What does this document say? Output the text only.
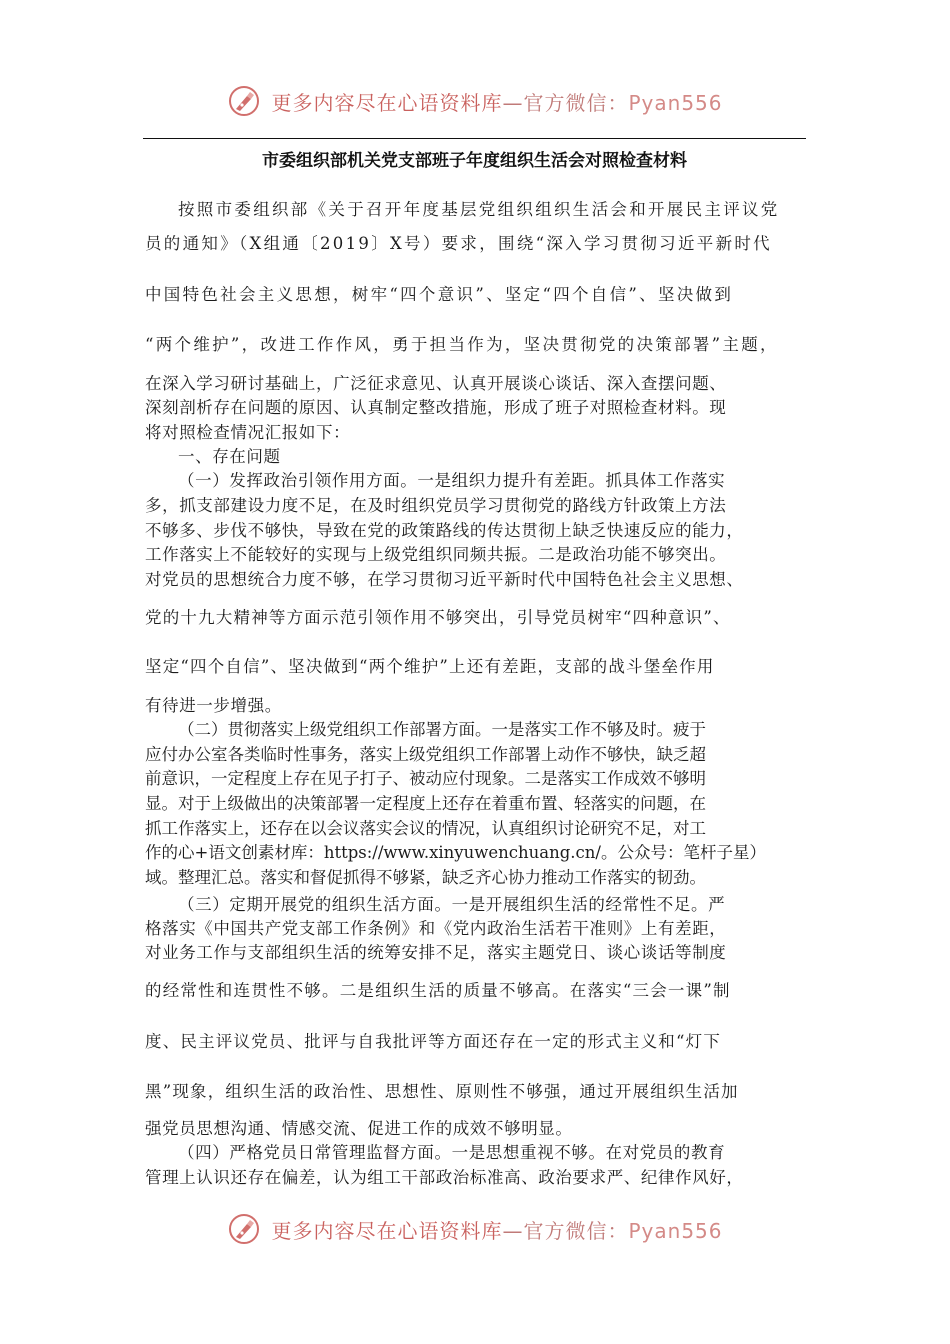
更多内容尽在心语资料库—官方微信：Pyan556
市委组织部机关党支部班子年度组织生活会对照检查材料
按照市委组织部《关于召开年度基层党组织组织生活会和开展民主评议党
员的通知》（X组通〔2019〕X号）要求，围绕“深入学习贯彻习近平新时代
中国特色社会主义思想，树牢“四个意识”、坚定“四个自信”、坚决做到
“两个维护”，改进工作作风，勇于担当作为，坚决贯彻党的决策部署”主题，
在深入学习研讨基础上，广泛征求意见、认真开展谈心谈话、深入查摆问题、
深刻剖析存在问题的原因、认真制定整改措施，形成了班子对照检查材料。现
将对照检查情况汇报如下：
一、存在问题
（一）发挥政治引领作用方面。一是组织力提升有差距。抓具体工作落实
多，抓支部建设力度不足，在及时组织党员学习贯彻党的路线方针政策上方法
不够多、步伐不够快，导致在党的政策路线的传达贯彻上缺乏快速反应的能力，
工作落实上不能较好的实现与上级党组织同频共振。二是政治功能不够突出。
对党员的思想统合力度不够，在学习贯彻习近平新时代中国特色社会主义思想、
党的十九大精神等方面示范引领作用不够突出，引导党员树牢“四种意识”、
坚定“四个自信”、坚决做到“两个维护”上还有差距，支部的战斗堡垒作用
有待进一步增强。
（二）贯彻落实上级党组织工作部署方面。一是落实工作不够及时。疲于
应付办公室各类临时性事务，落实上级党组织工作部署上动作不够快，缺乏超
前意识，一定程度上存在见子打子、被动应付现象。二是落实工作成效不够明
显。对于上级做出的决策部署一定程度上还存在着重布置、轻落实的问题，在
抓工作落实上，还存在以会议落实会议的情况，认真组织讨论研究不足，对工
作的心+语文创素材库：https://www.xinyuwenchuang.cn/。公众号：笔杆子星）
域。整理汇总。落实和督促抓得不够紧，缺乏齐心协力推动工作落实的韧劲。
（三）定期开展党的组织生活方面。一是开展组织生活的经常性不足。严
格落实《中国共产党支部工作条例》和《党内政治生活若干准则》上有差距，
对业务工作与支部组织生活的统筹安排不足，落实主题党日、谈心谈话等制度
的经常性和连贯性不够。二是组织生活的质量不够高。在落实“三会一课”制
度、民主评议党员、批评与自我批评等方面还存在一定的形式主义和“灯下
黑”现象，组织生活的政治性、思想性、原则性不够强，通过开展组织生活加
强党员思想沟通、情感交流、促进工作的成效不够明显。
（四）严格党员日常管理监督方面。一是思想重视不够。在对党员的教育
管理上认识还存在偏差，认为组工干部政治标准高、政治要求严、纪律作风好，
更多内容尽在心语资料库—官方微信：Pyan556
